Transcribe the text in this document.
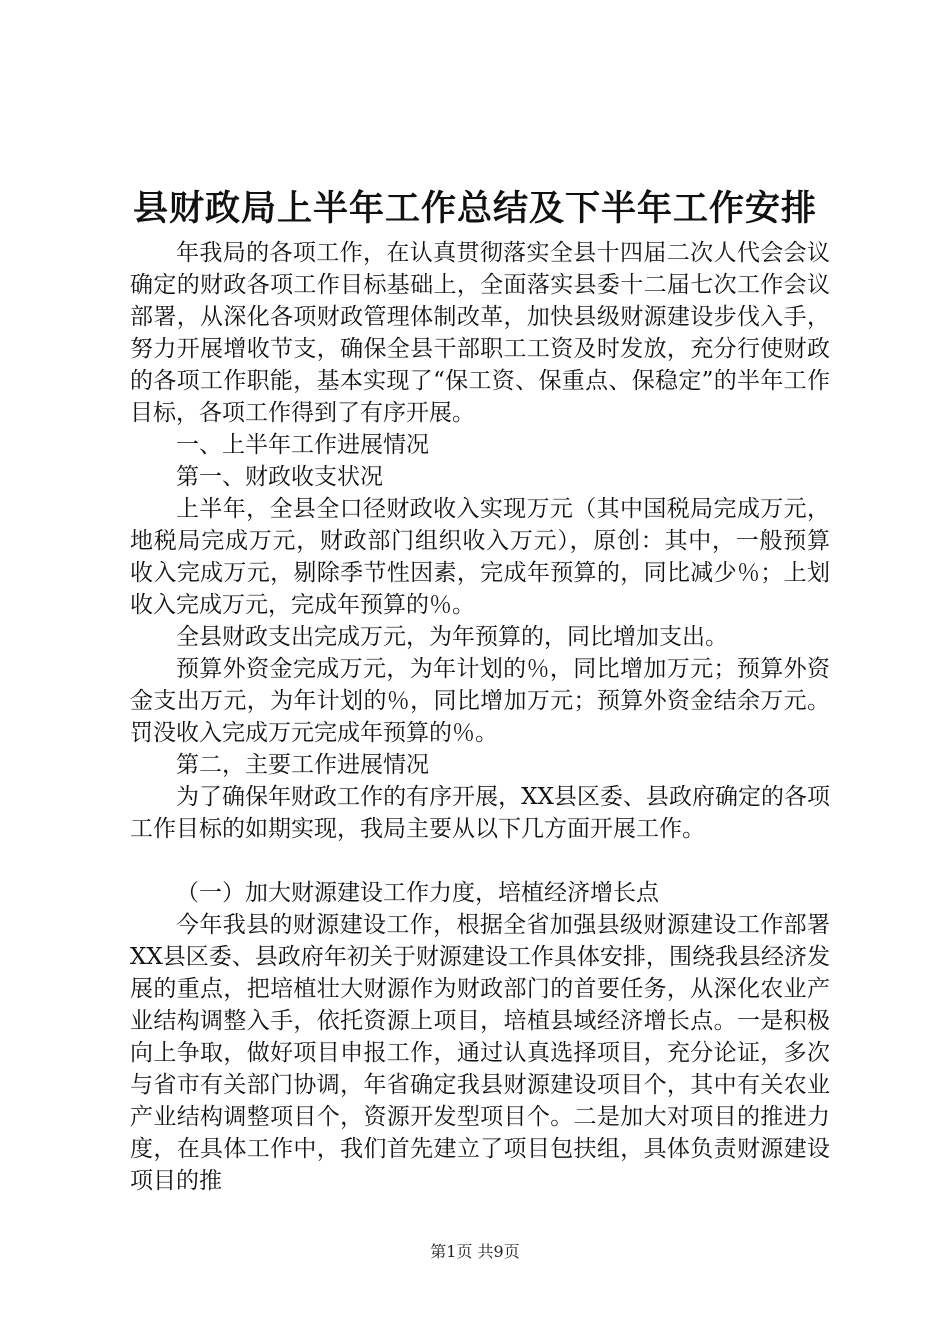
县财政局上半年工作总结及下半年工作安排

年我局的各项工作，在认真贯彻落实全县十四届二次人代会会议确定的财政各项工作目标基础上，全面落实县委十二届七次工作会议部署，从深化各项财政管理体制改革，加快县级财源建设步伐入手，努力开展增收节支，确保全县干部职工工资及时发放，充分行使财政的各项工作职能，基本实现了“保工资、保重点、保稳定”的半年工作目标，各项工作得到了有序开展。

一、上半年工作进展情况

第一、财政收支状况

上半年，全县全口径财政收入实现万元（其中国税局完成万元，地税局完成万元，财政部门组织收入万元），原创：其中，一般预算收入完成万元，剔除季节性因素，完成年预算的，同比减少％；上划收入完成万元，完成年预算的％。

全县财政支出完成万元，为年预算的，同比增加支出。

预算外资金完成万元，为年计划的％，同比增加万元；预算外资金支出万元，为年计划的％，同比增加万元；预算外资金结余万元。罚没收入完成万元完成年预算的％。

第二，主要工作进展情况

为了确保年财政工作的有序开展，XX县区委、县政府确定的各项工作目标的如期实现，我局主要从以下几方面开展工作。

（一）加大财源建设工作力度，培植经济增长点

今年我县的财源建设工作，根据全省加强县级财源建设工作部署XX县区委、县政府年初关于财源建设工作具体安排，围绕我县经济发展的重点，把培植壮大财源作为财政部门的首要任务，从深化农业产业结构调整入手，依托资源上项目，培植县域经济增长点。一是积极向上争取，做好项目申报工作，通过认真选择项目，充分论证，多次与省市有关部门协调，年省确定我县财源建设项目个，其中有关农业产业结构调整项目个，资源开发型项目个。二是加大对项目的推进力度，在具体工作中，我们首先建立了项目包扶组，具体负责财源建设项目的推

第1页 共9页
